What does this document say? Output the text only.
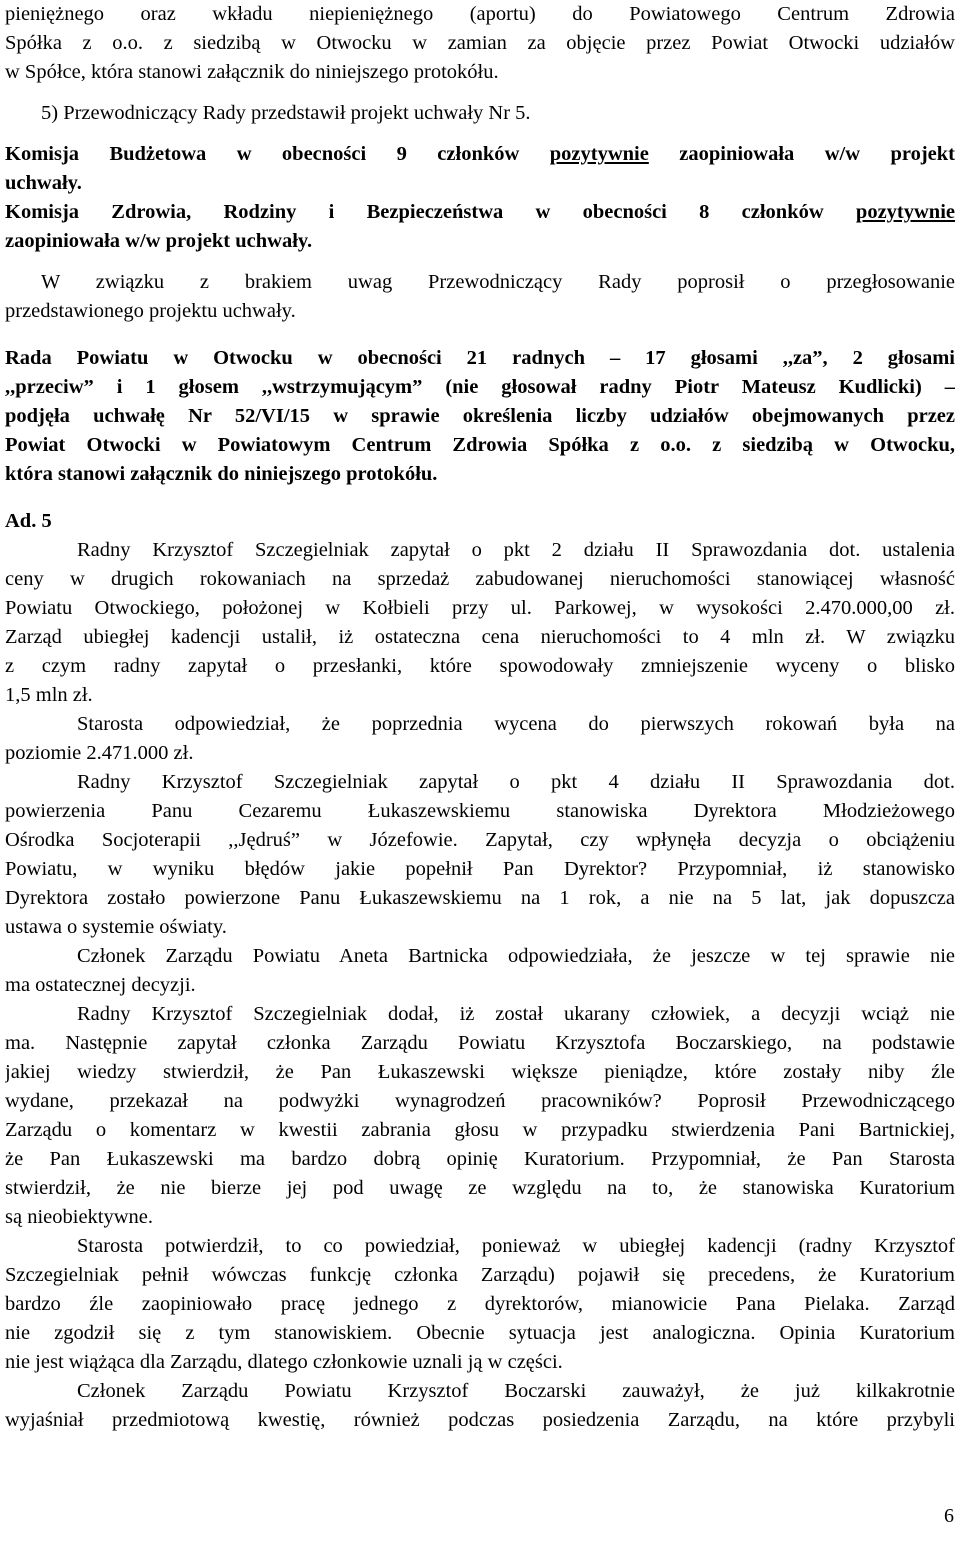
pieniężnego oraz wkładu niepieniężnego (aportu) do Powiatowego Centrum Zdrowia
Spółka z o.o. z siedzibą w Otwocku w zamian za objęcie przez Powiat Otwocki udziałów
w Spółce, która stanowi załącznik do niniejszego protokółu.
5) Przewodniczący Rady przedstawił projekt uchwały Nr 5.
Komisja Budżetowa w obecności 9 członków pozytywnie zaopiniowała w/w projekt
uchwały.
Komisja Zdrowia, Rodziny i Bezpieczeństwa w obecności 8 członków pozytywnie
zaopiniowała w/w projekt uchwały.
W związku z brakiem uwag Przewodniczący Rady poprosił o przegłosowanie
przedstawionego projektu uchwały.
Rada Powiatu w Otwocku w obecności 21 radnych – 17 głosami ,,za”, 2 głosami
,,przeciw” i 1 głosem ,,wstrzymującym” (nie głosował radny Piotr Mateusz Kudlicki) –
podjęła uchwałę Nr 52/VI/15 w sprawie określenia liczby udziałów obejmowanych przez
Powiat Otwocki w Powiatowym Centrum Zdrowia Spółka z o.o. z siedzibą w Otwocku,
która stanowi załącznik do niniejszego protokółu.
Ad. 5
Radny Krzysztof Szczegielniak zapytał o pkt 2 działu II Sprawozdania dot. ustalenia
ceny w drugich rokowaniach na sprzedaż zabudowanej nieruchomości stanowiącej własność
Powiatu Otwockiego, położonej w Kołbieli przy ul. Parkowej, w wysokości 2.470.000,00 zł.
Zarząd ubiegłej kadencji ustalił, iż ostateczna cena nieruchomości to 4 mln zł. W związku
z czym radny zapytał o przesłanki, które spowodowały zmniejszenie wyceny o blisko
1,5 mln zł.
Starosta odpowiedział, że poprzednia wycena do pierwszych rokowań była na
poziomie 2.471.000 zł.
Radny Krzysztof Szczegielniak zapytał o pkt 4 działu II Sprawozdania dot.
powierzenia Panu Cezaremu Łukaszewskiemu stanowiska Dyrektora Młodzieżowego
Ośrodka Socjoterapii ,,Jędruś” w Józefowie. Zapytał, czy wpłynęła decyzja o obciążeniu
Powiatu, w wyniku błędów jakie popełnił Pan Dyrektor? Przypomniał, iż stanowisko
Dyrektora zostało powierzone Panu Łukaszewskiemu na 1 rok, a nie na 5 lat, jak dopuszcza
ustawa o systemie oświaty.
Członek Zarządu Powiatu Aneta Bartnicka odpowiedziała, że jeszcze w tej sprawie nie
ma ostatecznej decyzji.
Radny Krzysztof Szczegielniak dodał, iż został ukarany człowiek, a decyzji wciąż nie
ma. Następnie zapytał członka Zarządu Powiatu Krzysztofa Boczarskiego, na podstawie
jakiej wiedzy stwierdził, że Pan Łukaszewski większe pieniądze, które zostały niby źle
wydane, przekazał na podwyżki wynagrodzeń pracowników? Poprosił Przewodniczącego
Zarządu o komentarz w kwestii zabrania głosu w przypadku stwierdzenia Pani Bartnickiej,
że Pan Łukaszewski ma bardzo dobrą opinię Kuratorium. Przypomniał, że Pan Starosta
stwierdził, że nie bierze jej pod uwagę ze względu na to, że stanowiska Kuratorium
są nieobiektywne.
Starosta potwierdził, to co powiedział, ponieważ w ubiegłej kadencji (radny Krzysztof
Szczegielniak pełnił wówczas funkcję członka Zarządu) pojawił się precedens, że Kuratorium
bardzo źle zaopiniowało pracę jednego z dyrektorów, mianowicie Pana Pielaka. Zarząd
nie zgodził się z tym stanowiskiem. Obecnie sytuacja jest analogiczna. Opinia Kuratorium
nie jest wiążąca dla Zarządu, dlatego członkowie uznali ją w części.
Członek Zarządu Powiatu Krzysztof Boczarski zauważył, że już kilkakrotnie
wyjaśniał przedmiotową kwestię, również podczas posiedzenia Zarządu, na które przybyli
6
